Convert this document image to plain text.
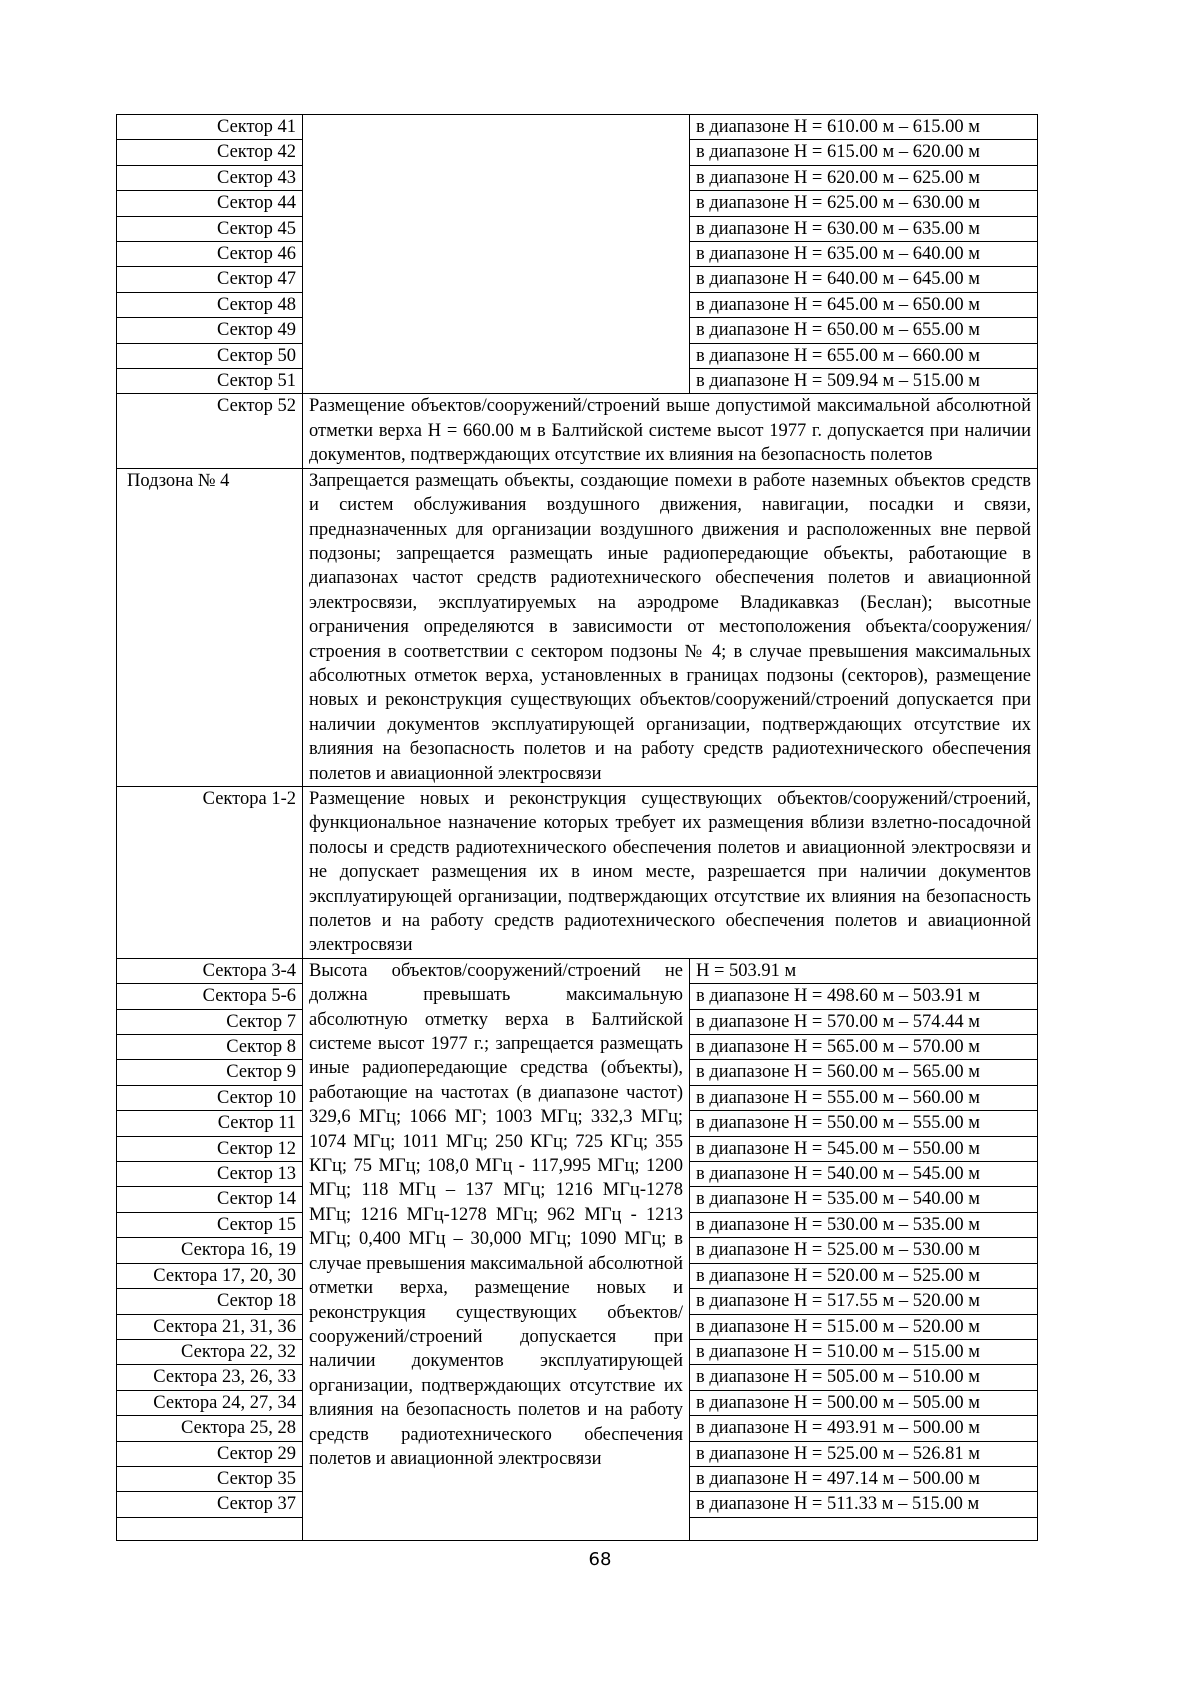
Сектор 41		в диапазоне Н = 610.00 м – 615.00 м
Сектор 42		в диапазоне Н = 615.00 м – 620.00 м
Сектор 43		в диапазоне Н = 620.00 м – 625.00 м
Сектор 44		в диапазоне Н = 625.00 м – 630.00 м
Сектор 45		в диапазоне Н = 630.00 м – 635.00 м
Сектор 46		в диапазоне Н = 635.00 м – 640.00 м
Сектор 47		в диапазоне Н = 640.00 м – 645.00 м
Сектор 48		в диапазоне Н = 645.00 м – 650.00 м
Сектор 49		в диапазоне Н = 650.00 м – 655.00 м
Сектор 50		в диапазоне Н = 655.00 м – 660.00 м
Сектор 51		в диапазоне Н = 509.94 м – 515.00 м
Сектор 52	Размещение объектов/сооружений/строений выше допустимой максимальной абсолютной отметки верха Н = 660.00 м в Балтийской системе высот 1977 г. допускается при наличии документов, подтверждающих отсутствие их влияния на безопасность полетов	
Подзона № 4	Запрещается размещать объекты, создающие помехи в работе наземных объектов средств и систем обслуживания воздушного движения, навигации, посадки и связи, предназначенных для организации воздушного движения и расположенных вне первой подзоны; запрещается размещать иные радиопередающие объекты, работающие в диапазонах частот средств радиотехнического обеспечения полетов и авиационной электросвязи, эксплуатируемых на аэродроме Владикавказ (Беслан); высотные ограничения определяются в зависимости от местоположения объекта/сооружения/строения в соответствии с сектором подзоны № 4; в случае превышения максимальных абсолютных отметок верха, установленных в границах подзоны (секторов), размещение новых и реконструкция существующих объектов/сооружений/строений допускается при наличии документов эксплуатирующей организации, подтверждающих отсутствие их влияния на безопасность полетов и на работу средств радиотехнического обеспечения полетов и авиационной электросвязи	
Сектора 1-2	Размещение новых и реконструкция существующих объектов/сооружений/строений, функциональное назначение которых требует их размещения вблизи взлетно-посадочной полосы и средств радиотехнического обеспечения полетов и авиационной электросвязи и не допускает размещения их в ином месте, разрешается при наличии документов эксплуатирующей организации, подтверждающих отсутствие их влияния на безопасность полетов и на работу средств радиотехнического обеспечения полетов и авиационной электросвязи	
Сектора 3-4	Высота объектов/сооружений/строений не должна превышать максимальную абсолютную отметку верха в Балтийской системе высот 1977 г.; запрещается размещать иные радиопередающие средства (объекты), работающие на частотах (в диапазоне частот) 329,6 МГц; 1066 МГ; 1003 МГц; 332,3 МГц; 1074 МГц; 1011 МГц; 250 КГц; 725 КГц; 355 КГц; 75 МГц; 108,0 МГц - 117,995 МГц; 1200 МГц; 118 МГц – 137 МГц; 1216 МГц-1278 МГц; 1216 МГц-1278 МГц; 962 МГц - 1213 МГц; 0,400 МГц – 30,000 МГц; 1090 МГц; в случае превышения максимальной абсолютной отметки верха, размещение новых и реконструкция существующих объектов/сооружений/строений допускается при наличии документов эксплуатирующей организации, подтверждающих отсутствие их влияния на безопасность полетов и на работу средств радиотехнического обеспечения полетов и авиационной электросвязи	Н = 503.91 м
Сектора 5-6		в диапазоне Н = 498.60 м – 503.91 м
Сектор 7		в диапазоне Н = 570.00 м – 574.44 м
Сектор 8		в диапазоне Н = 565.00 м – 570.00 м
Сектор 9		в диапазоне Н = 560.00 м – 565.00 м
Сектор 10		в диапазоне Н = 555.00 м – 560.00 м
Сектор 11		в диапазоне Н = 550.00 м – 555.00 м
Сектор 12		в диапазоне Н = 545.00 м – 550.00 м
Сектор 13		в диапазоне Н = 540.00 м – 545.00 м
Сектор 14		в диапазоне Н = 535.00 м – 540.00 м
Сектор 15		в диапазоне Н = 530.00 м – 535.00 м
Сектора 16, 19		в диапазоне Н = 525.00 м – 530.00 м
Сектора 17, 20, 30		в диапазоне Н = 520.00 м – 525.00 м
Сектор 18		в диапазоне Н = 517.55 м – 520.00 м
Сектора 21, 31, 36		в диапазоне Н = 515.00 м – 520.00 м
Сектора 22, 32		в диапазоне Н = 510.00 м – 515.00 м
Сектора 23, 26, 33		в диапазоне Н = 505.00 м – 510.00 м
Сектора 24, 27, 34		в диапазоне Н = 500.00 м – 505.00 м
Сектора 25, 28		в диапазоне Н = 493.91 м – 500.00 м
Сектор 29		в диапазоне Н = 525.00 м – 526.81 м
Сектор 35		в диапазоне Н = 497.14 м – 500.00 м
Сектор 37		в диапазоне Н = 511.33 м – 515.00 м

68
